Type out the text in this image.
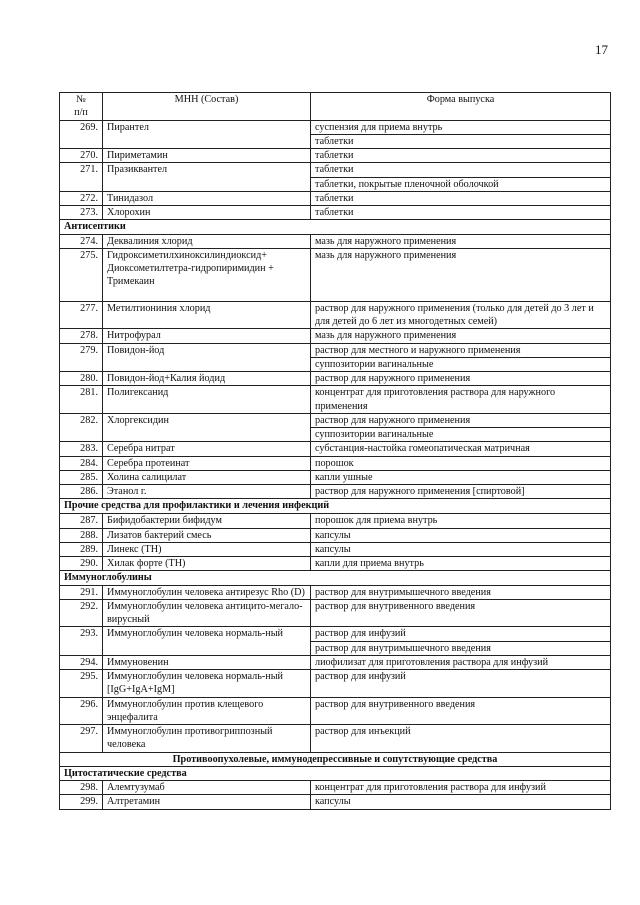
17
№
п/п	МНН (Состав)	Форма выпуска
269.	Пирантел	суспензия для приема внутрь
		таблетки
270.	Пириметамин	таблетки
271.	Празиквантел	таблетки
		таблетки, покрытые пленочной оболочкой
272.	Тинидазол	таблетки
273.	Хлорохин	таблетки
Антисептики		
274.	Деквалиния хлорид	мазь для наружного применения
275.	Гидроксиметилхиноксилиндиоксид+ Диоксометилтетра-гидропиримидин + Тримекаин	мазь для наружного применения
277.	Метилтиониния хлорид	раствор для наружного применения (только для детей до 3 лет и для детей до 6 лет из многодетных семей)
278.	Нитрофурал	мазь для наружного применения
279.	Повидон-йод	раствор для местного и наружного применения
		суппозитории вагинальные
280.	Повидон-йод+Калия йодид	раствор для наружного применения
281.	Полигексанид	концентрат для приготовления раствора для наружного применения
282.	Хлоргексидин	раствор для наружного применения
		суппозитории вагинальные
283.	Серебра нитрат	субстанция-настойка гомеопатическая матричная
284.	Серебра протеинат	порошок
285.	Холина салицилат	капли ушные
286.	Этанол г.	раствор для наружного применения [спиртовой]
Прочие средства для профилактики и лечения инфекций		
287.	Бифидобактерии бифидум	порошок для приема внутрь
288.	Лизатов бактерий смесь	капсулы
289.	Линекс (ТН)	капсулы
290.	Хилак форте (ТН)	капли для приема внутрь
Иммуноглобулины		
291.	Иммуноглобулин человека антирезус Rho (D)	раствор для внутримышечного введения
292.	Иммуноглобулин человека антицито-мегало-вирусный	раствор для внутривенного введения
293.	Иммуноглобулин человека нормаль-ный	раствор для инфузий
		раствор для внутримышечного введения
294.	Иммуновенин	лиофилизат для приготовления раствора для инфузий
295.	Иммуноглобулин человека нормаль-ный [IgG+IgA+IgM]	раствор для инфузий
296.	Иммуноглобулин против клещевого энцефалита	раствор для внутривенного введения
297.	Иммуноглобулин противогриппозный человека	раствор для инъекций
Противоопухолевые, иммунодепрессивные и сопутствующие средства		
Цитостатические средства		
298.	Алемтузумаб	концентрат для приготовления раствора для инфузий
299.	Алтретамин	капсулы
